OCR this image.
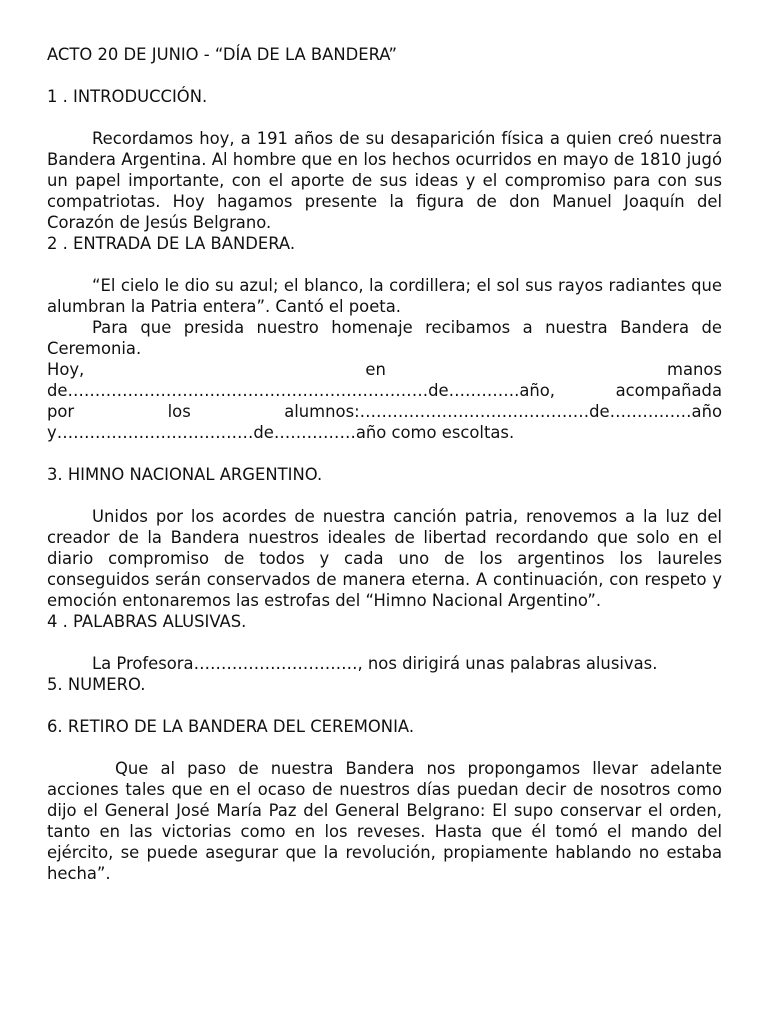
ACTO 20 DE JUNIO - “DÍA DE LA BANDERA”
1 . INTRODUCCIÓN.

Recordamos hoy, a 191 años de su desaparición física a quien creó nuestra Bandera Argentina. Al hombre que en los hechos ocurridos en mayo de 1810 jugó un papel importante, con el aporte de sus ideas y el compromiso para con sus compatriotas. Hoy hagamos presente la figura de don Manuel Joaquín del Corazón de Jesús Belgrano.

2 . ENTRADA DE LA BANDERA.

“El cielo le dio su azul; el blanco, la cordillera; el sol sus rayos radiantes que alumbran la Patria entera”. Cantó el poeta.

Para que presida nuestro homenaje recibamos a nuestra Bandera de Ceremonia.

Hoy, en manos

de…………………………………………………………de………….año, acompañada

por los alumnos:……………………………………de……………año

y………………………………de……………año como escoltas.

3. HIMNO NACIONAL ARGENTINO.

Unidos por los acordes de nuestra canción patria, renovemos a la luz del creador de la Bandera nuestros ideales de libertad recordando que solo en el diario compromiso de todos y cada uno de los argentinos los laureles conseguidos serán conservados de manera eterna. A continuación, con respeto y emoción entonaremos las estrofas del “Himno Nacional Argentino”.

4 . PALABRAS ALUSIVAS.

La Profesora…………………………, nos dirigirá unas palabras alusivas.

5. NUMERO.
6. RETIRO DE LA BANDERA DEL CEREMONIA.

Que al paso de nuestra Bandera nos propongamos llevar adelante acciones tales que en el ocaso de nuestros días puedan decir de nosotros como dijo el General José María Paz del General Belgrano: El supo conservar el orden, tanto en las victorias como en los reveses. Hasta que él tomó el mando del ejército, se puede asegurar que la revolución, propiamente hablando no estaba hecha”.
